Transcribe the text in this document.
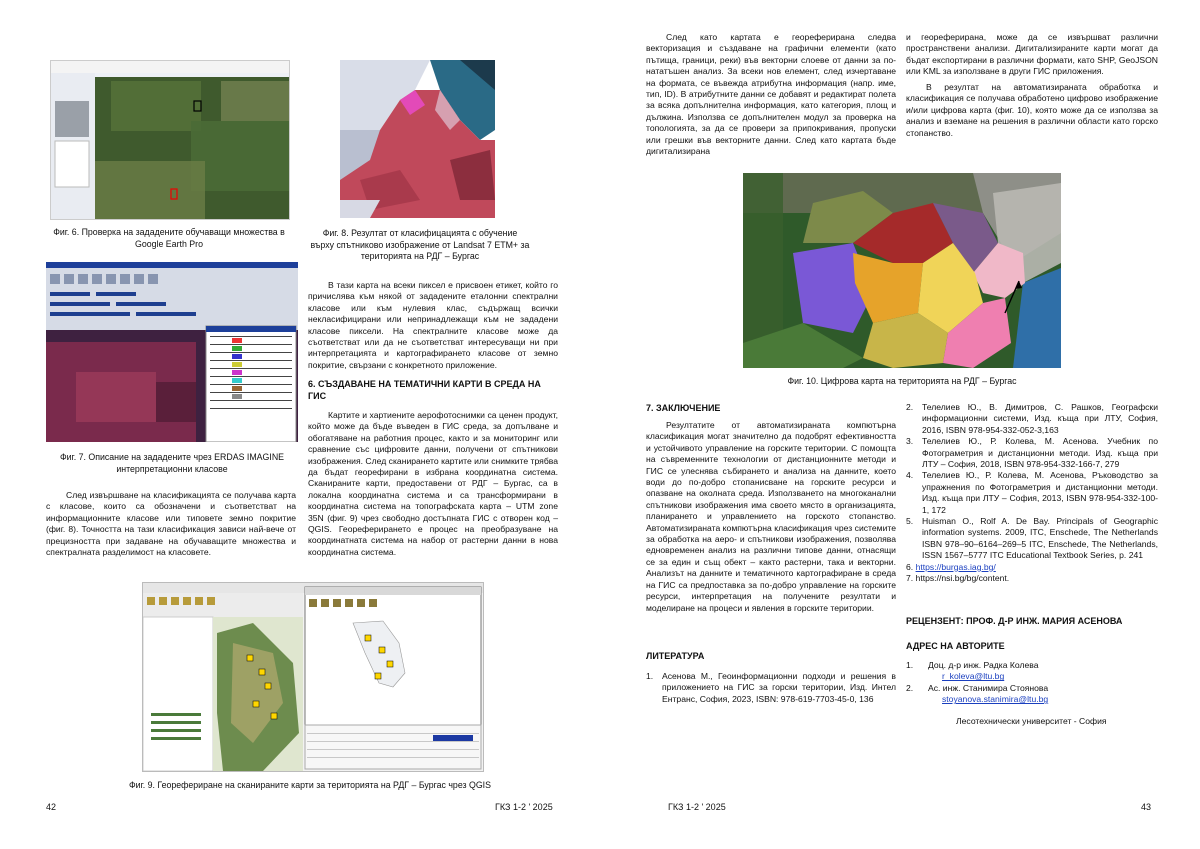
Фиг. 6. Проверка на зададените обучаващи множества в Google Earth Pro
Фиг. 8. Резултат от класифицацията с обучение върху спътниково изображение от Landsat 7 ETM+ за територията на РДГ – Бургас
Фиг. 7. Описание на зададените чрез ERDAS IMAGINE интерпретационни класове
След извършване на класификацията се получава карта с класове, които са обозначени и съответстват на информационните класове или типовете земно покритие (фиг. 8). Точността на тази класификация зависи най-вече от прецизността при задаване на обучаващите множества и спектралната разделимост на класовете.
В тази карта на всеки пиксел е присвоен етикет, който го причислява към някой от зададените еталонни спектрални класове или към нулевия клас, съдържащ всички некласифицирани или непринадлежащи към не зададени класове пиксели. На спектралните класове може да съответстват или да не съответстват интересуващи ни при интерпретацията и картографирането класове от земно покритие, свързани с конкретното приложение.
6. СЪЗДАВАНЕ НА ТЕМАТИЧНИ КАРТИ В СРЕДА НА ГИС
Картите и хартиените аерофотоснимки са ценен продукт, който може да бъде въведен в ГИС среда, за допълване и обогатяване на работния процес, както и за мониторинг или сравнение със цифровите данни, получени от спътникови изображения. След сканирането картите или снимките трябва да бъдат георефирани в избрана координатна система. Сканираните карти, предоставени от РДГ – Бургас, са в локална координатна система и са трансформирани в координатна система на топографската карта – UTM zone 35N (фиг. 9) чрез свободно достъпната ГИС с отворен код – QGIS. Геореферирането е процес на преобразуване на координатната система на набор от растерни данни в нова координатна система.
Фиг. 9. Георефериране на сканираните карти за територията на РДГ – Бургас чрез QGIS
42	ГКЗ 1-2 ' 2025
След като картата е георефериранa следва векторизация и създаване на графични елементи (като пътища, граници, реки) във векторни слоеве от данни за по-нататъшен анализ. За всеки нов елемент, след изчертаване на формата, се въвежда атрибутна информация (напр. име, тип, ID). В атрибутните данни се добавят и редактират полета за всяка допълнителна информация, като категория, площ и дължина. Използва се допълнителен модул за проверка на топологията, за да се провери за припокривания, пропуски или грешки във векторните данни. След като картата бъде дигитализирана
и георефериранa, може да се извършват различни пространствени анализи. Дигитализираните карти могат да бъдат експортирани в различни формати, като SHP, GeoJSON или KML за използване в други ГИС приложения.
В резултат на автоматизираната обработка и класификация се получава обработено цифрово изображение и/или цифрова карта (фиг. 10), която може да се използва за анализ и вземане на решения в различни области като горско стопанство.
Фиг. 10. Цифрова карта на територията на РДГ – Бургас
7. ЗАКЛЮЧЕНИЕ
Резултатите от автоматизираната компютърна класификация могат значително да подобрят ефективността и устойчивото управление на горските територии. С помощта на съвременните технологии от дистанционните методи и ГИС се улеснява събирането и анализа на данните, което води до по-добро стопанисване на горските ресурси и опазване на околната среда. Използването на многоканални спътникови изображения има своето място в организацията, планирането и управлението на горското стопанство. Автоматизираната компютърна класификация чрез системите за обработка на аеро- и спътникови изображения, позволява едновременен анализ на различни типове данни, отнасящи се за един и същ обект – както растерни, така и векторни. Анализът на данните и тематичното картографиране в среда на ГИС са предпоставка за по-добро управление на горските ресурси, интерпретация на получените резултати и моделиране на процеси и явления в горските територии.
ЛИТЕРАТУРА
1.	Асенова М., Геоинформационни подходи и решения в приложението на ГИС за горски територии, Изд. Интел Ентранс, София, 2023, ISBN: 978-619-7703-45-0, 136
2.	Телелиев Ю., В. Димитров, С. Рашков, Географски информационни системи, Изд. къща при ЛТУ, София, 2016, ISBN 978-954-332-052-3,163
3.	Телелиев Ю., Р. Колева, М. Асенова. Учебник по Фотограметрия и дистанционни методи. Изд. къща при ЛТУ – София, 2018, ISBN 978-954-332-166-7, 279
4.	Телелиев Ю., Р. Колева, М. Асенова, Ръководство за упражнения по Фотограметрия и дистанционни методи. Изд. къща при ЛТУ – София, 2013, ISBN 978-954-332-100-1, 172
5.	Huisman O., Rolf A. De Bay. Principals of Geographic information systems. 2009, ITC, Enschede, The Netherlands ISBN 978–90–6164–269–5 ITC, Enschede, The Netherlands, ISSN 1567–5777 ITC Educational Textbook Series, p. 241
6.
https://burgas.iag.bg/
7. https://nsi.bg/bg/content.
РЕЦЕНЗЕНТ: ПРОФ. Д-Р ИНЖ. МАРИЯ АСЕНОВА
АДРЕС НА АВТОРИТЕ
1.	Доц. д-р инж. Радка Колева
r_koleva@ltu.bg
2.	Ас. инж. Станимира Стоянова
stoyanova.stanimira@ltu.bg
Лесотехнически университет - София
ГКЗ 1-2 ' 2025	43
